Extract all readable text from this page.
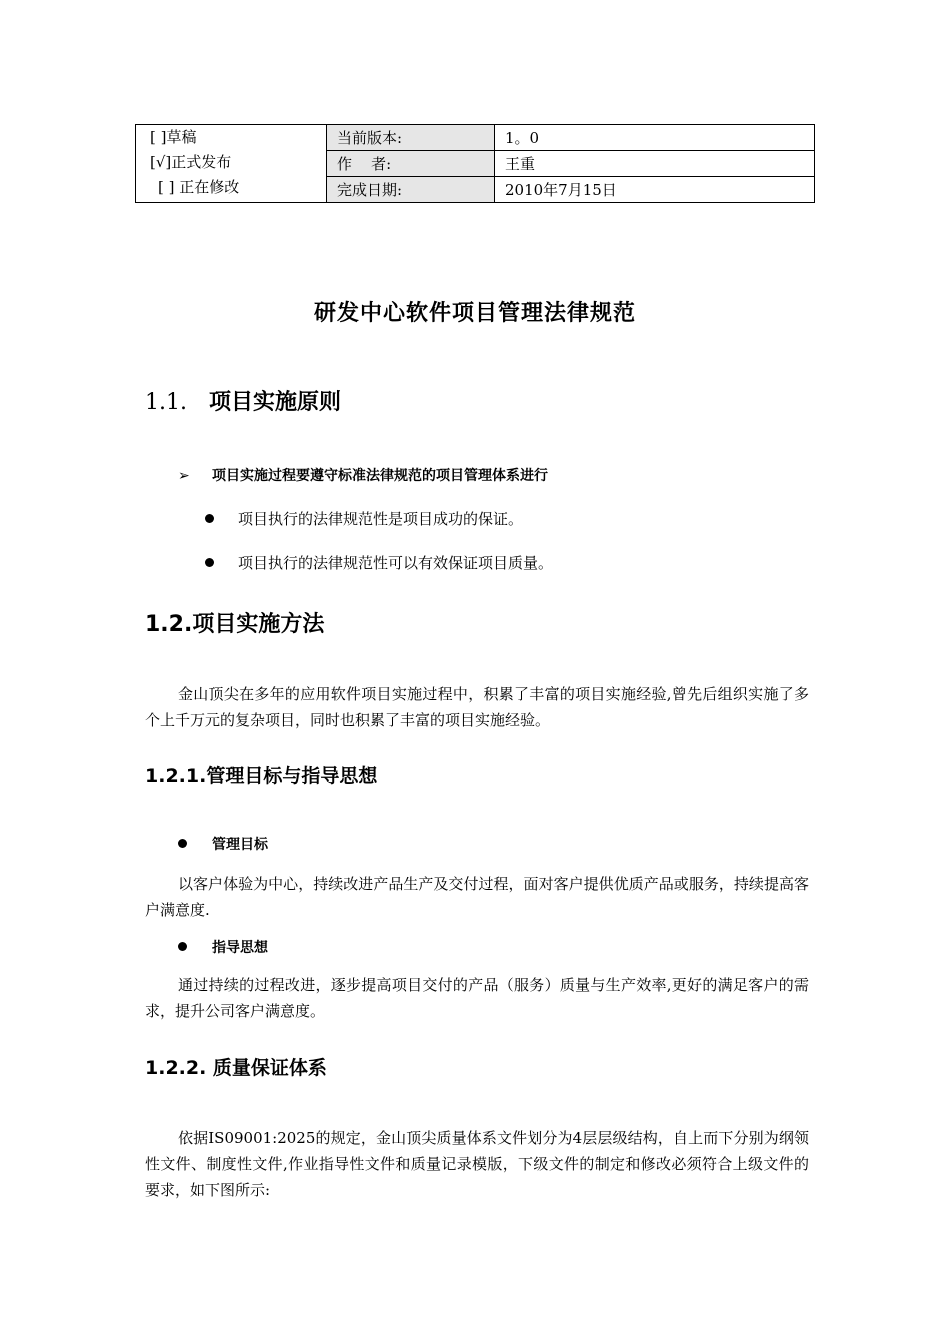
[ ]草稿
[√]正式发布
[ ] 正在修改	当前版本:	1。0
	作    者:	王重
	完成日期:	2010年7月15日
研发中心软件项目管理法律规范
1.1. 项目实施原则
➢ 项目实施过程要遵守标准法律规范的项目管理体系进行
项目执行的法律规范性是项目成功的保证。
项目执行的法律规范性可以有效保证项目质量。
1.2.项目实施方法
金山顶尖在多年的应用软件项目实施过程中，积累了丰富的项目实施经验,曾先后组织实施了多个上千万元的复杂项目，同时也积累了丰富的项目实施经验。
1.2.1.管理目标与指导思想
管理目标
以客户体验为中心，持续改进产品生产及交付过程，面对客户提供优质产品或服务，持续提高客户满意度.
指导思想
通过持续的过程改进，逐步提高项目交付的产品（服务）质量与生产效率,更好的满足客户的需求，提升公司客户满意度。
1.2.2. 质量保证体系
依据IS09001:2025的规定，金山顶尖质量体系文件划分为4层层级结构，自上而下分别为纲领性文件、制度性文件,作业指导性文件和质量记录模版，下级文件的制定和修改必须符合上级文件的要求，如下图所示:
